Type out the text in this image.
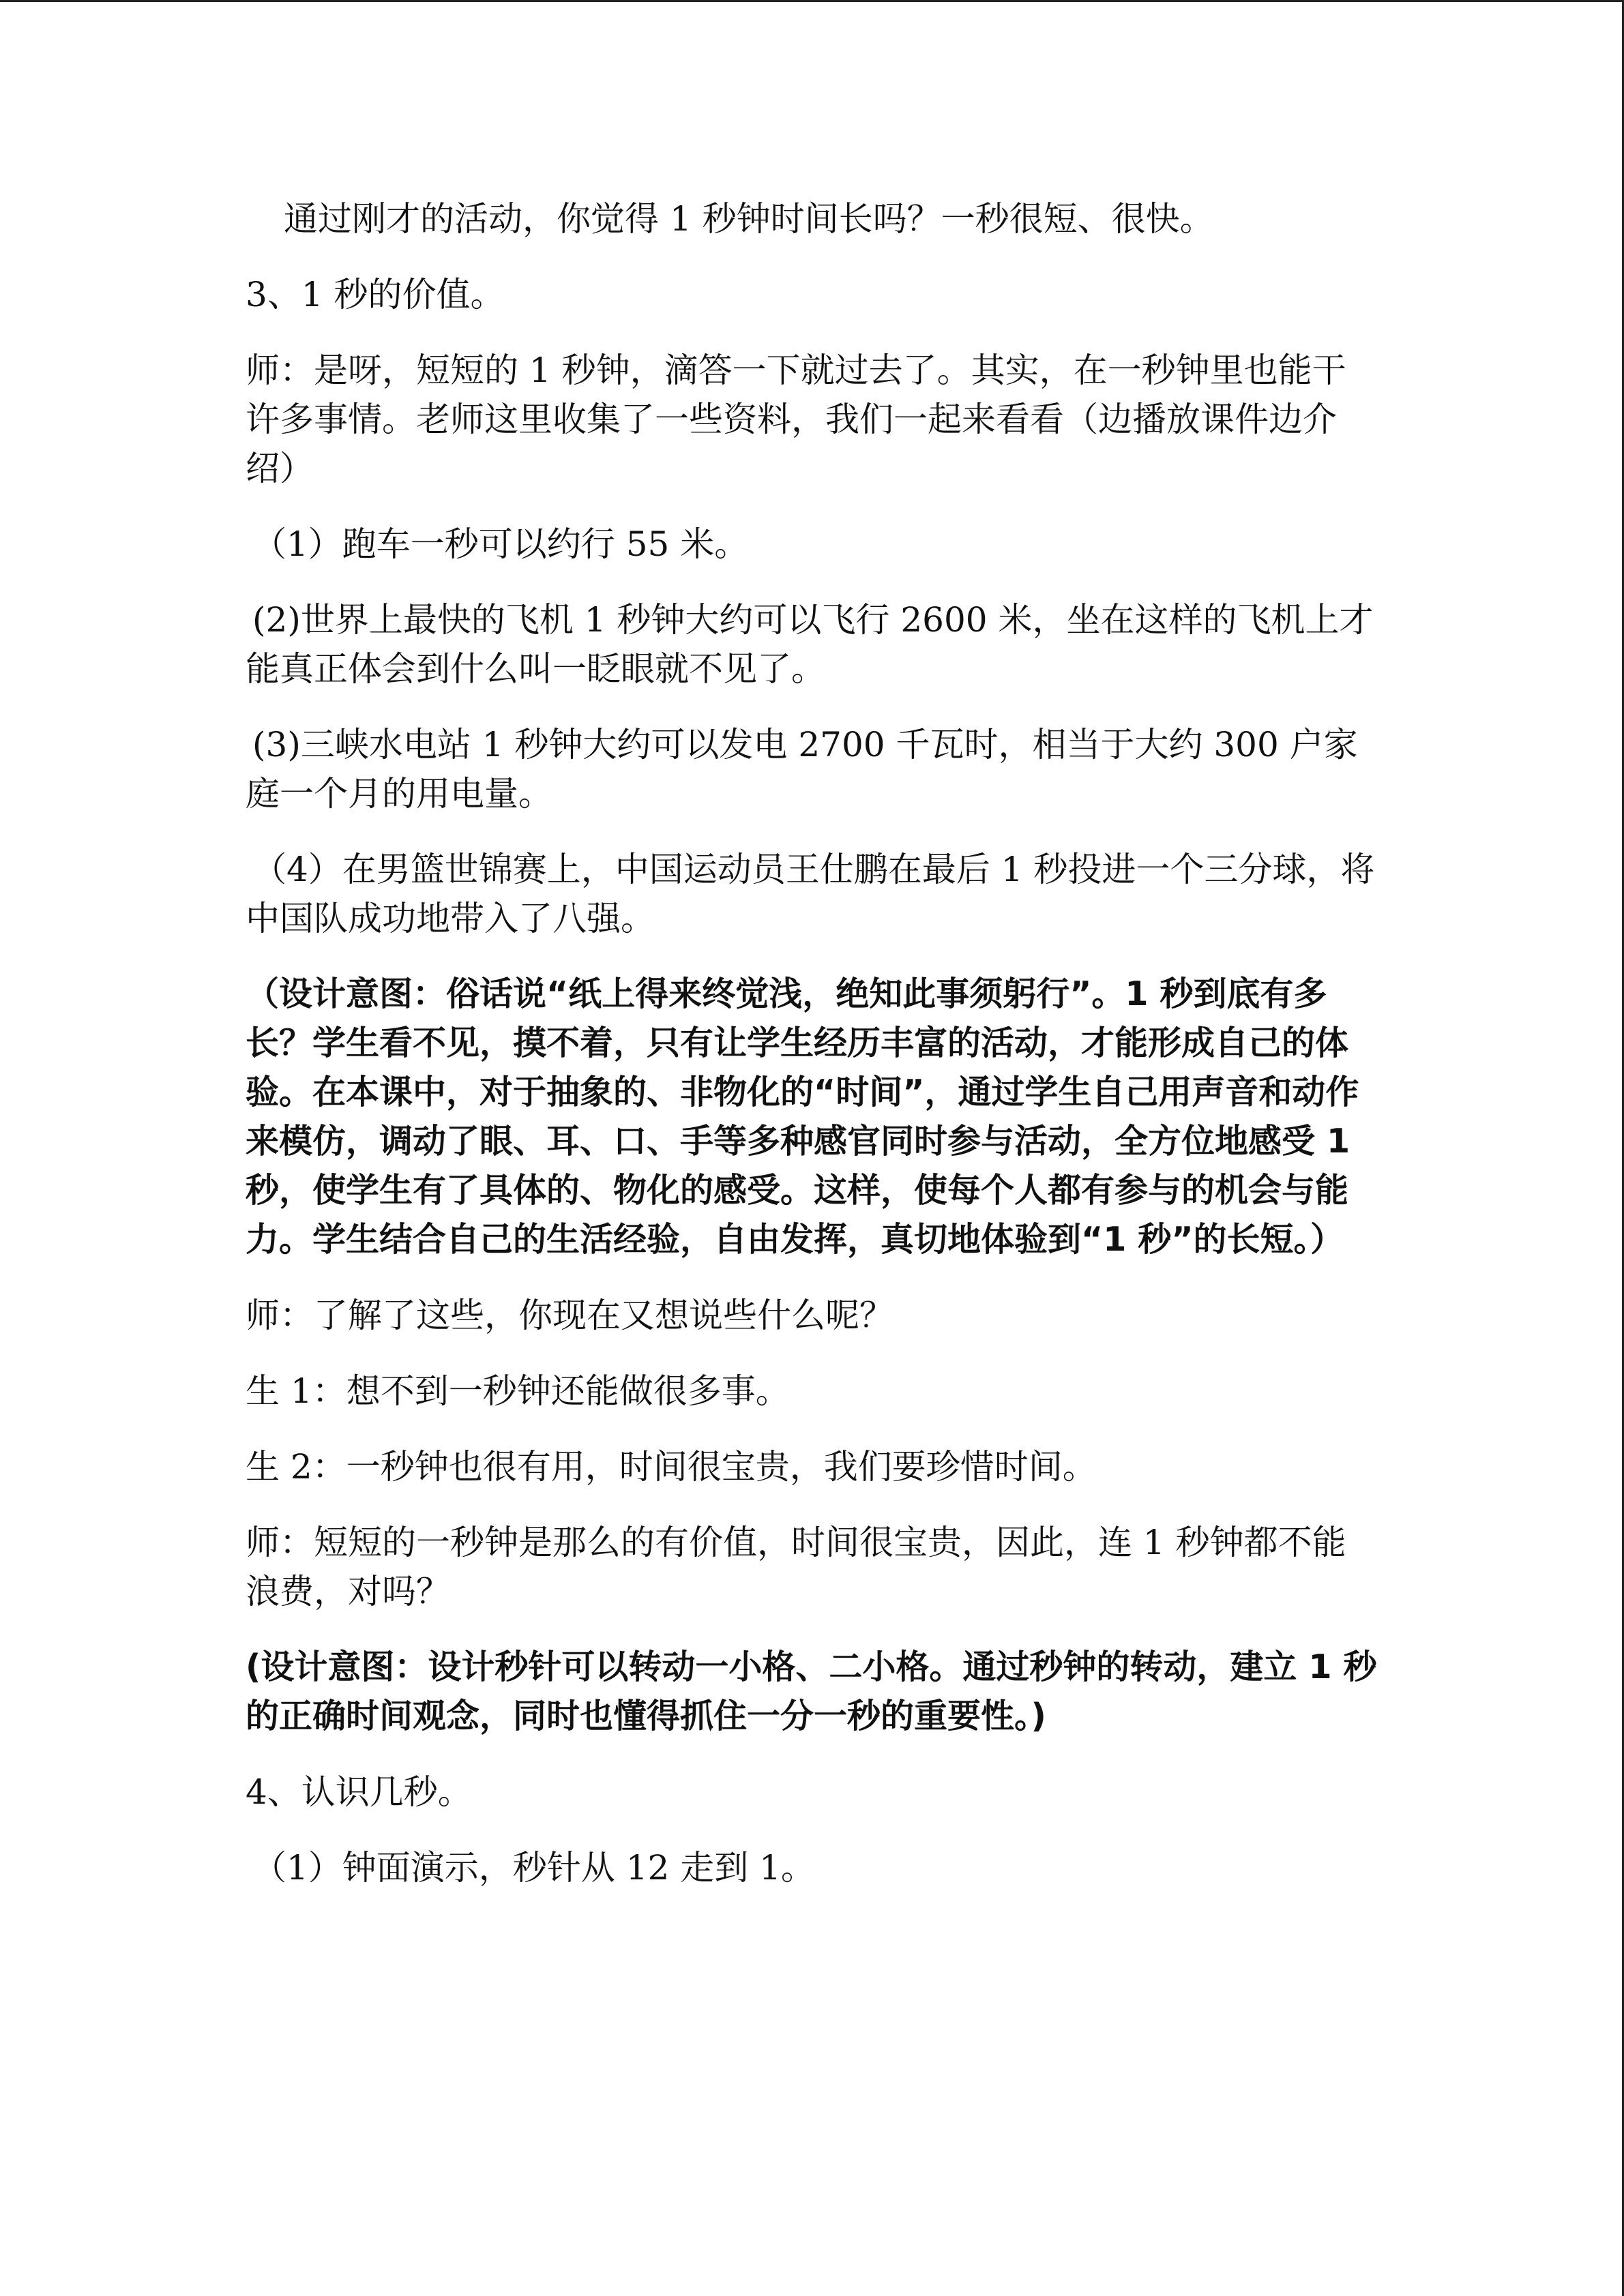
通过刚才的活动，你觉得 1 秒钟时间长吗？一秒很短、很快。

3、1 秒的价值。

师：是呀，短短的 1 秒钟，滴答一下就过去了。其实，在一秒钟里也能干许多事情。老师这里收集了一些资料，我们一起来看看（边播放课件边介绍）

（1）跑车一秒可以约行 55 米。

(2)世界上最快的飞机 1 秒钟大约可以飞行 2600 米，坐在这样的飞机上才能真正体会到什么叫一眨眼就不见了。

(3)三峡水电站 1 秒钟大约可以发电 2700 千瓦时，相当于大约 300 户家庭一个月的用电量。

（4）在男篮世锦赛上，中国运动员王仕鹏在最后 1 秒投进一个三分球，将中国队成功地带入了八强。

（设计意图：俗话说“纸上得来终觉浅，绝知此事须躬行”。1 秒到底有多长？学生看不见，摸不着，只有让学生经历丰富的活动，才能形成自己的体验。在本课中，对于抽象的、非物化的“时间”，通过学生自己用声音和动作来模仿，调动了眼、耳、口、手等多种感官同时参与活动，全方位地感受 1 秒，使学生有了具体的、物化的感受。这样，使每个人都有参与的机会与能力。学生结合自己的生活经验，自由发挥，真切地体验到“1 秒”的长短。）

师：了解了这些，你现在又想说些什么呢？

生 1：想不到一秒钟还能做很多事。

生 2：一秒钟也很有用，时间很宝贵，我们要珍惜时间。

师：短短的一秒钟是那么的有价值，时间很宝贵，因此，连 1 秒钟都不能浪费，对吗？

(设计意图：设计秒针可以转动一小格、二小格。通过秒钟的转动，建立 1 秒的正确时间观念，同时也懂得抓住一分一秒的重要性。)

4、认识几秒。

（1）钟面演示，秒针从 12 走到 1。
